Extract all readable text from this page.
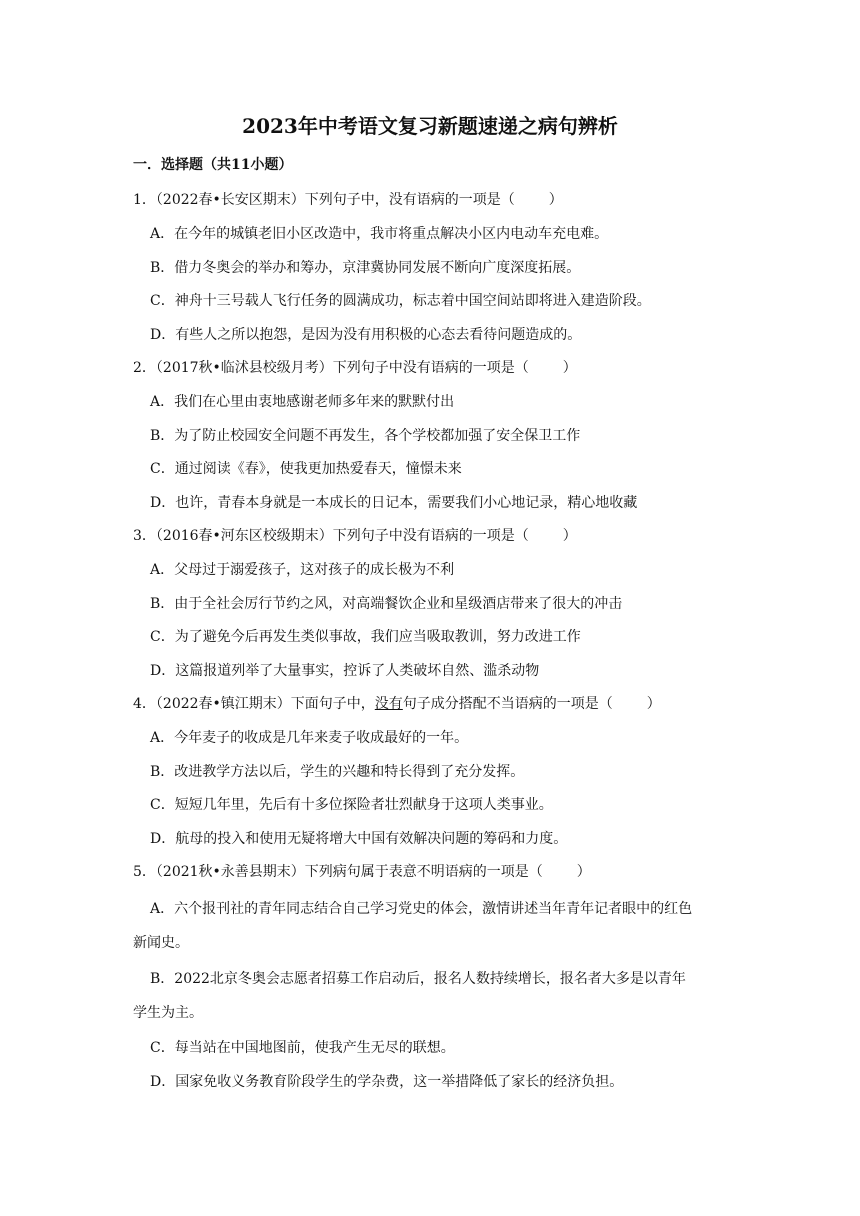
2023年中考语文复习新题速递之病句辨析
一．选择题（共11小题）
1．（2022春•长安区期末）下列句子中，没有语病的一项是（ ）
A．在今年的城镇老旧小区改造中，我市将重点解决小区内电动车充电难。
B．借力冬奥会的举办和筹办，京津冀协同发展不断向广度深度拓展。
C．神舟十三号载人飞行任务的圆满成功，标志着中国空间站即将进入建造阶段。
D．有些人之所以抱怨，是因为没有用积极的心态去看待问题造成的。
2．（2017秋•临沭县校级月考）下列句子中没有语病的一项是（ ）
A．我们在心里由衷地感谢老师多年来的默默付出
B．为了防止校园安全问题不再发生，各个学校都加强了安全保卫工作
C．通过阅读《春》，使我更加热爱春天，憧憬未来
D．也许，青春本身就是一本成长的日记本，需要我们小心地记录，精心地收藏
3．（2016春•河东区校级期末）下列句子中没有语病的一项是（ ）
A．父母过于溺爱孩子，这对孩子的成长极为不利
B．由于全社会厉行节约之风，对高端餐饮企业和星级酒店带来了很大的冲击
C．为了避免今后再发生类似事故，我们应当吸取教训，努力改进工作
D．这篇报道列举了大量事实，控诉了人类破坏自然、滥杀动物
4．（2022春•镇江期末）下面句子中，没有句子成分搭配不当语病的一项是（ ）
A．今年麦子的收成是几年来麦子收成最好的一年。
B．改进教学方法以后，学生的兴趣和特长得到了充分发挥。
C．短短几年里，先后有十多位探险者壮烈献身于这项人类事业。
D．航母的投入和使用无疑将增大中国有效解决问题的筹码和力度。
5．（2021秋•永善县期末）下列病句属于表意不明语病的一项是（ ）
A．六个报刊社的青年同志结合自己学习党史的体会，激情讲述当年青年记者眼中的红色
新闻史。
B．2022北京冬奥会志愿者招募工作启动后，报名人数持续增长，报名者大多是以青年
学生为主。
C．每当站在中国地图前，使我产生无尽的联想。
D．国家免收义务教育阶段学生的学杂费，这一举措降低了家长的经济负担。
